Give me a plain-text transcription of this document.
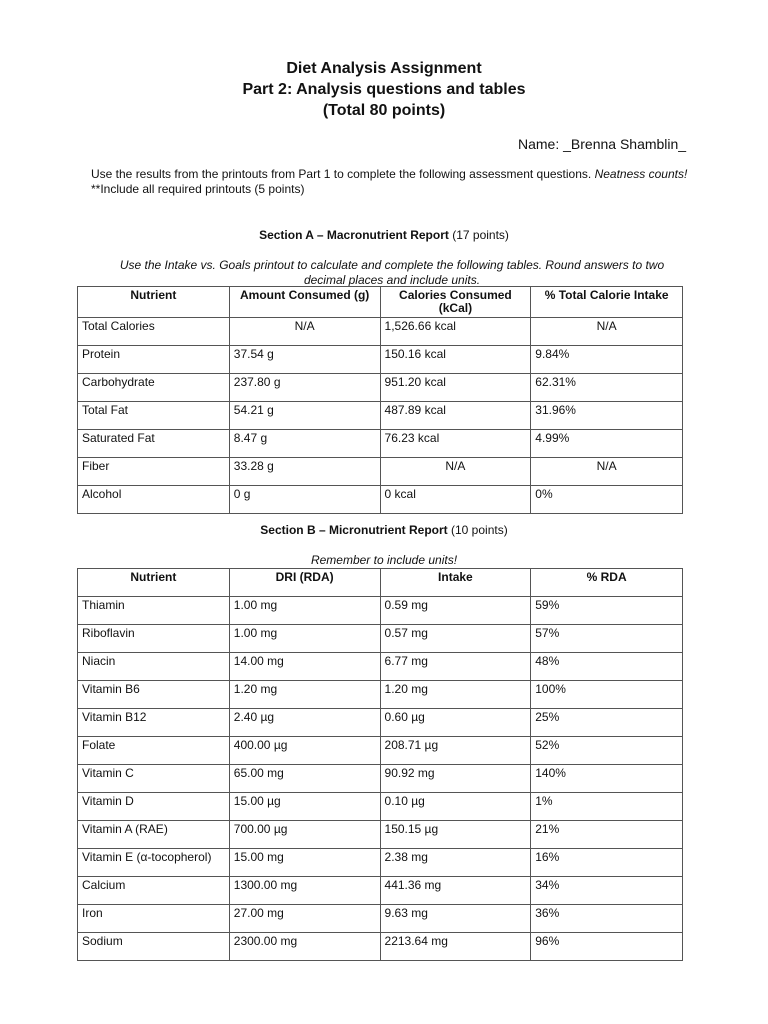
Diet Analysis Assignment
Part 2: Analysis questions and tables
(Total 80 points)
Name: _Brenna Shamblin_
Use the results from the printouts from Part 1 to complete the following assessment questions. Neatness counts!
**Include all required printouts (5 points)
Section A – Macronutrient Report (17 points)
Use the Intake vs. Goals printout to calculate and complete the following tables. Round answers to two decimal places and include units.
Nutrient	Amount Consumed (g)	Calories Consumed (kCal)	% Total Calorie Intake
Total Calories	N/A	1,526.66 kcal	N/A
Protein	37.54 g	150.16 kcal	9.84%
Carbohydrate	237.80 g	951.20 kcal	62.31%
Total Fat	54.21 g	487.89 kcal	31.96%
Saturated Fat	8.47 g	76.23 kcal	4.99%
Fiber	33.28 g	N/A	N/A
Alcohol	0 g	0 kcal	0%
Section B – Micronutrient Report (10 points)
Remember to include units!
Nutrient	DRI (RDA)	Intake	% RDA
Thiamin	1.00 mg	0.59 mg	59%
Riboflavin	1.00 mg	0.57 mg	57%
Niacin	14.00 mg	6.77 mg	48%
Vitamin B6	1.20 mg	1.20 mg	100%
Vitamin B12	2.40 µg	0.60 µg	25%
Folate	400.00 µg	208.71 µg	52%
Vitamin C	65.00 mg	90.92 mg	140%
Vitamin D	15.00 µg	0.10 µg	1%
Vitamin A (RAE)	700.00 µg	150.15 µg	21%
Vitamin E (α-tocopherol)	15.00 mg	2.38 mg	16%
Calcium	1300.00 mg	441.36 mg	34%
Iron	27.00 mg	9.63 mg	36%
Sodium	2300.00 mg	2213.64 mg	96%
